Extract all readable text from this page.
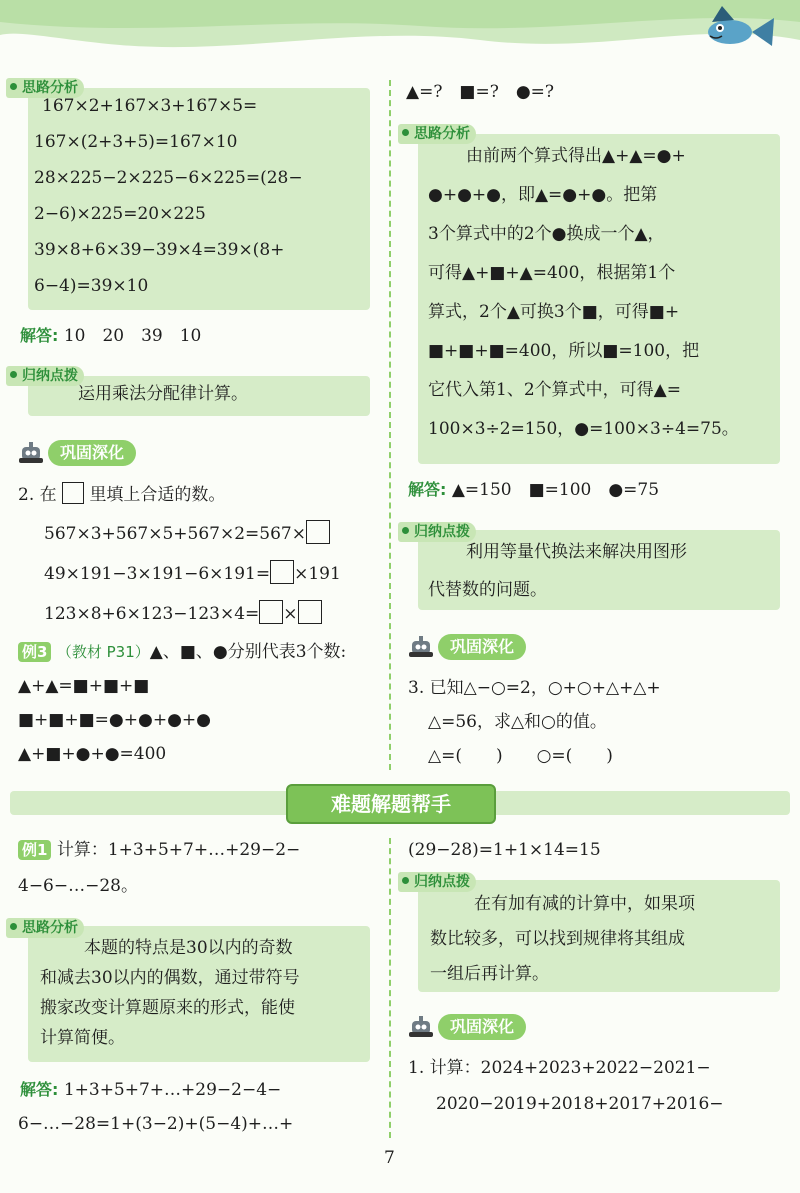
思路分析
167×2+167×3+167×5=
167×(2+3+5)=167×10
28×225−2×225−6×225=(28−
2−6)×225=20×225
39×8+6×39−39×4=39×(8+
6−4)=39×10
解答: 10　20　39　10
归纳点拨
运用乘法分配律计算。
巩固深化
2. 在 里填上合适的数。
567×3+567×5+567×2=567×
49×191−3×191−6×191= ×191
123×8+6×123−123×4= ×
例3 （教材 P31）▲、■、●分别代表3个数:
▲+▲=■+■+■
■+■+■=●+●+●+●
▲+■+●+●=400
▲=?　■=?　●=?
思路分析
由前两个算式得出▲+▲=●+
●+●+●，即▲=●+●。把第
3个算式中的2个●换成一个▲，
可得▲+■+▲=400，根据第1个
算式，2个▲可换3个■，可得■+
■+■+■=400，所以■=100，把
它代入第1、2个算式中，可得▲=
100×3÷2=150，●=100×3÷4=75。
解答: ▲=150　■=100　●=75
归纳点拨
利用等量代换法来解决用图形
代替数的问题。
巩固深化
3. 已知△−○=2，○+○+△+△+
△=56，求△和○的值。
△=(　　)　　○=(　　)
难题解题帮手
例1 计算：1+3+5+7+…+29−2−
4−6−…−28。
思路分析
本题的特点是30以内的奇数
和减去30以内的偶数，通过带符号
搬家改变计算题原来的形式，能使
计算简便。
解答: 1+3+5+7+…+29−2−4−
6−…−28=1+(3−2)+(5−4)+…+
(29−28)=1+1×14=15
归纳点拨
在有加有减的计算中，如果项
数比较多，可以找到规律将其组成
一组后再计算。
巩固深化
1. 计算：2024+2023+2022−2021−
2020−2019+2018+2017+2016−
7
